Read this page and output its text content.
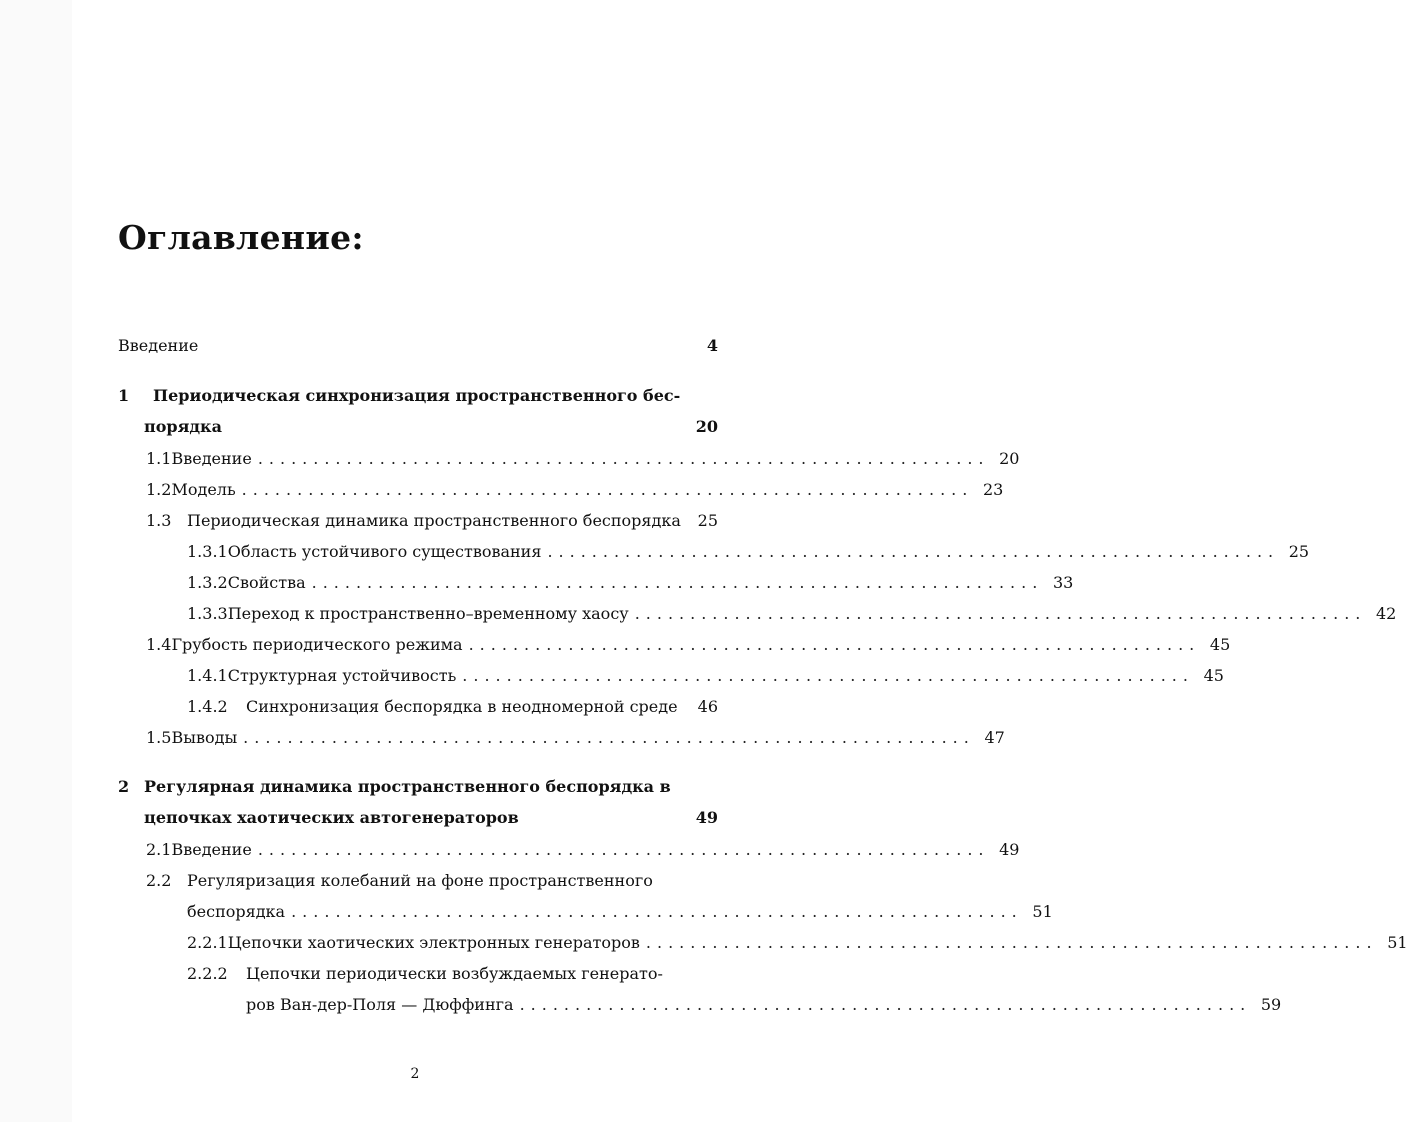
Оглавление:
Введение	4
1 Периодическая синхронизация пространственного бес-
порядка	20
1.1 Введение .................................................................. 20
1.2 Модель .................................................................. 23
1.3 Периодическая динамика пространственного беспорядка 25
1.3.1 Область устойчивого существования .................................................................. 25
1.3.2 Свойства .................................................................. 33
1.3.3 Переход к пространственно–временному хаосу .................................................................. 42
1.4 Грубость периодического режима .................................................................. 45
1.4.1 Структурная устойчивость .................................................................. 45
1.4.2	Синхронизация беспорядка в неодномерной среде 46
1.5 Выводы .................................................................. 47
2 Регулярная динамика пространственного беспорядка в
цепочках хаотических автогенераторов	49
2.1 Введение .................................................................. 49
2.2 Регуляризация колебаний на фоне пространственного
беспорядка .................................................................. 51
2.2.1 Цепочки хаотических электронных генераторов .................................................................. 51
2.2.2	Цепочки периодически возбуждаемых генерато-
ров Ван-дер-Поля — Дюффинга .................................................................. 59
2
